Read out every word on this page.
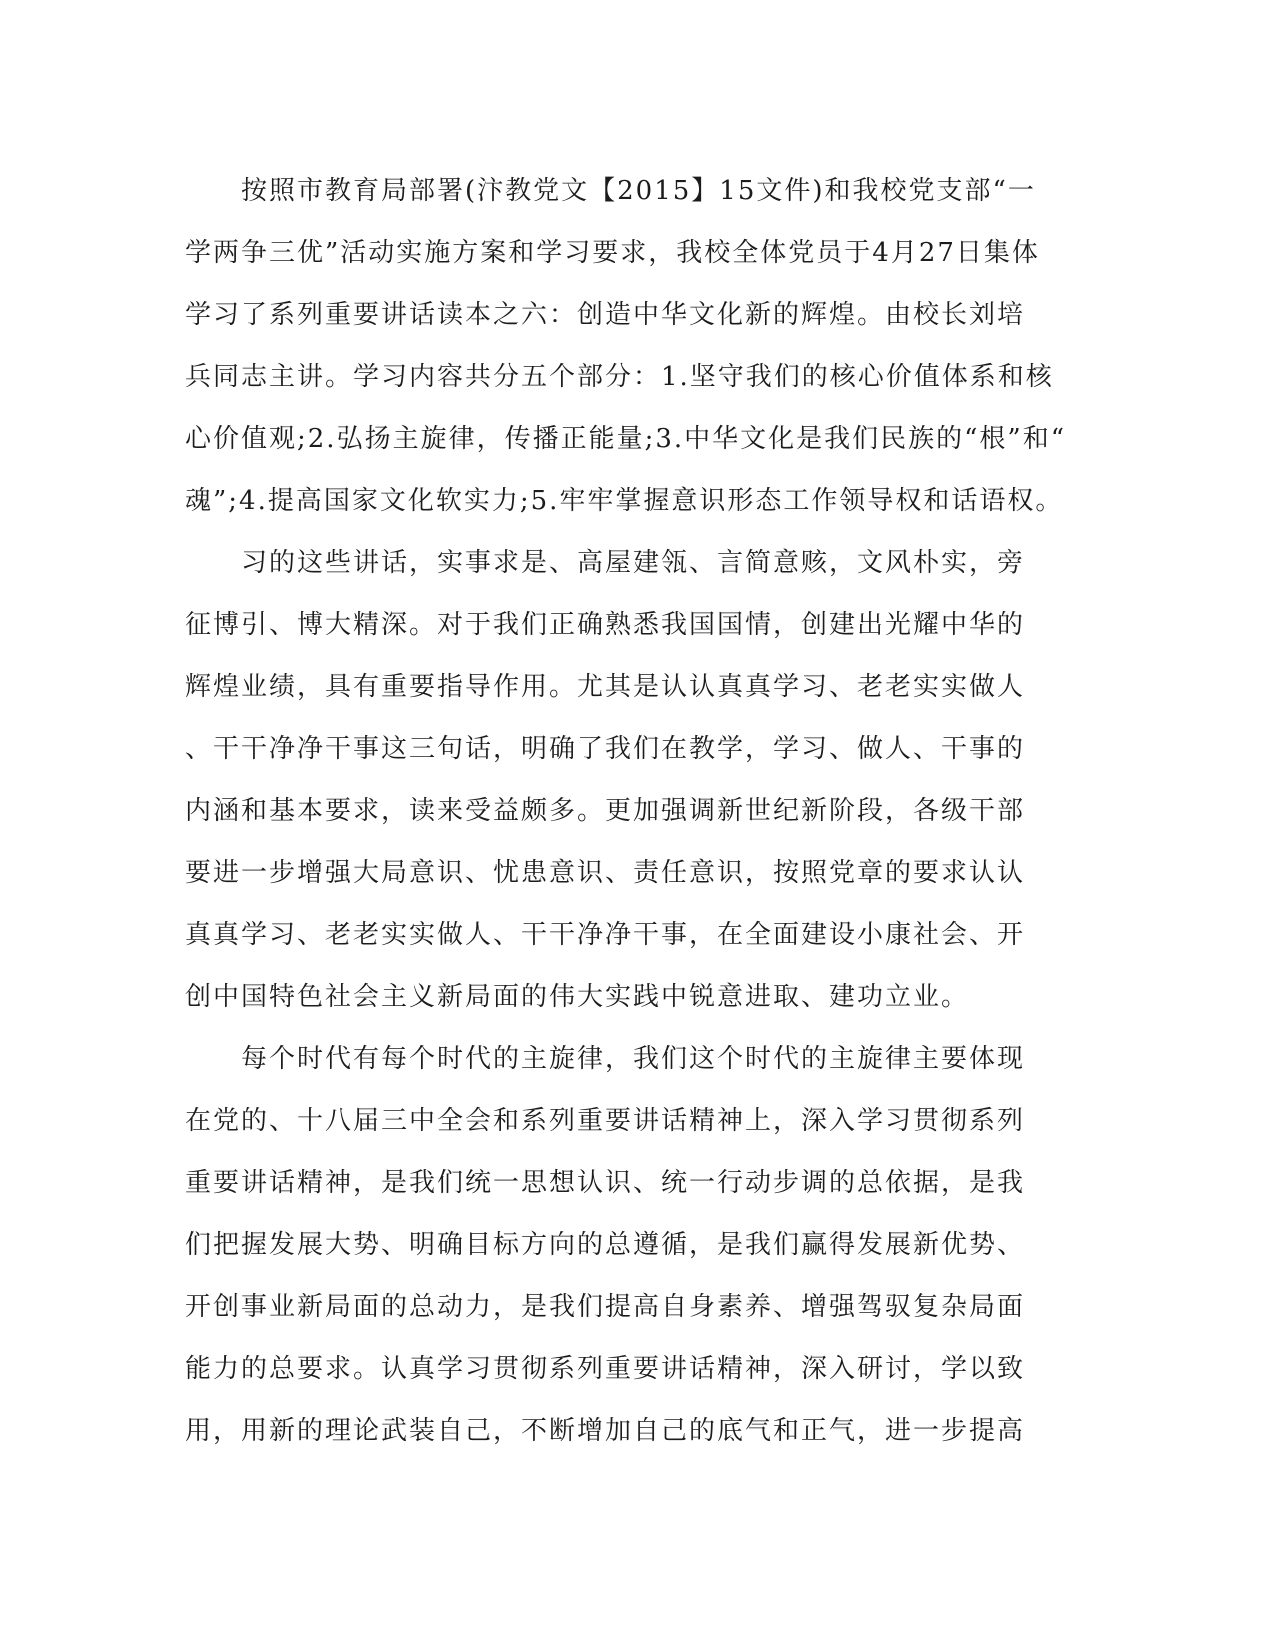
　　按照市教育局部署(汴教党文【2015】15文件)和我校党支部“一
学两争三优”活动实施方案和学习要求，我校全体党员于4月27日集体
学习了系列重要讲话读本之六：创造中华文化新的辉煌。由校长刘培
兵同志主讲。学习内容共分五个部分：1.坚守我们的核心价值体系和核
心价值观;2.弘扬主旋律，传播正能量;3.中华文化是我们民族的“根”和“
魂”;4.提高国家文化软实力;5.牢牢掌握意识形态工作领导权和话语权。
　　习的这些讲话，实事求是、高屋建瓴、言简意赅，文风朴实，旁
征博引、博大精深。对于我们正确熟悉我国国情，创建出光耀中华的
辉煌业绩，具有重要指导作用。尤其是认认真真学习、老老实实做人
、干干净净干事这三句话，明确了我们在教学，学习、做人、干事的
内涵和基本要求，读来受益颇多。更加强调新世纪新阶段，各级干部
要进一步增强大局意识、忧患意识、责任意识，按照党章的要求认认
真真学习、老老实实做人、干干净净干事，在全面建设小康社会、开
创中国特色社会主义新局面的伟大实践中锐意进取、建功立业。
　　每个时代有每个时代的主旋律，我们这个时代的主旋律主要体现
在党的、十八届三中全会和系列重要讲话精神上，深入学习贯彻系列
重要讲话精神，是我们统一思想认识、统一行动步调的总依据，是我
们把握发展大势、明确目标方向的总遵循，是我们赢得发展新优势、
开创事业新局面的总动力，是我们提高自身素养、增强驾驭复杂局面
能力的总要求。认真学习贯彻系列重要讲话精神，深入研讨，学以致
用，用新的理论武装自己，不断增加自己的底气和正气，进一步提高
